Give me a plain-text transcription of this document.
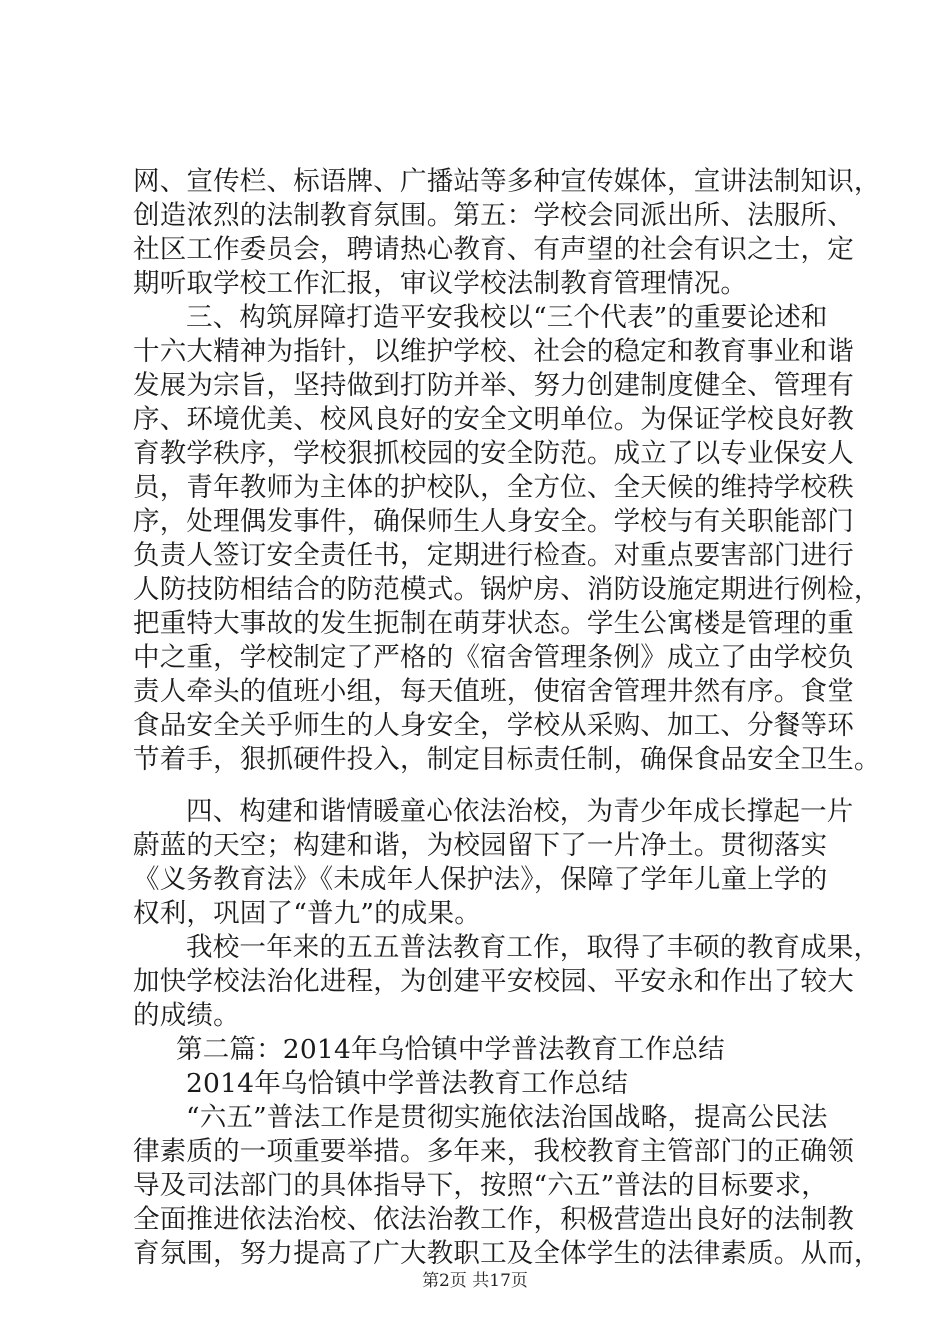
网、宣传栏、标语牌、广播站等多种宣传媒体，宣讲法制知识，
创造浓烈的法制教育氛围。第五：学校会同派出所、法服所、
社区工作委员会，聘请热心教育、有声望的社会有识之士，定
期听取学校工作汇报，审议学校法制教育管理情况。
三、构筑屏障打造平安我校以“三个代表”的重要论述和
十六大精神为指针，以维护学校、社会的稳定和教育事业和谐
发展为宗旨，坚持做到打防并举、努力创建制度健全、管理有
序、环境优美、校风良好的安全文明单位。为保证学校良好教
育教学秩序，学校狠抓校园的安全防范。成立了以专业保安人
员，青年教师为主体的护校队，全方位、全天候的维持学校秩
序，处理偶发事件，确保师生人身安全。学校与有关职能部门
负责人签订安全责任书，定期进行检查。对重点要害部门进行
人防技防相结合的防范模式。锅炉房、消防设施定期进行例检，
把重特大事故的发生扼制在萌芽状态。学生公寓楼是管理的重
中之重，学校制定了严格的《宿舍管理条例》成立了由学校负
责人牵头的值班小组，每天值班，使宿舍管理井然有序。食堂
食品安全关乎师生的人身安全，学校从采购、加工、分餐等环
节着手，狠抓硬件投入，制定目标责任制，确保食品安全卫生。
四、构建和谐情暖童心依法治校，为青少年成长撑起一片
蔚蓝的天空；构建和谐，为校园留下了一片净土。贯彻落实
《义务教育法》《未成年人保护法》，保障了学年儿童上学的
权利，巩固了“普九”的成果。
我校一年来的五五普法教育工作，取得了丰硕的教育成果，
加快学校法治化进程，为创建平安校园、平安永和作出了较大
的成绩。
第二篇：2014年乌恰镇中学普法教育工作总结
2014年乌恰镇中学普法教育工作总结
“六五”普法工作是贯彻实施依法治国战略，提高公民法
律素质的一项重要举措。多年来，我校教育主管部门的正确领
导及司法部门的具体指导下，按照“六五”普法的目标要求，
全面推进依法治校、依法治教工作，积极营造出良好的法制教
育氛围，努力提高了广大教职工及全体学生的法律素质。从而，
第2页 共17页
